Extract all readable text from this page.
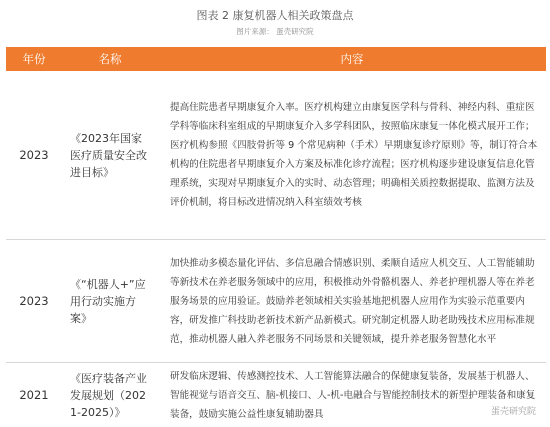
图表 2 康复机器人相关政策盘点
图片来源： 蛋壳研究院
年份	名称	内容
2023	《2023年国家医疗质量安全改进目标》	提高住院患者早期康复介入率。医疗机构建立由康复医学科与骨科、神经内科、重症医学科等临床科室组成的早期康复介入多学科团队，按照临床康复一体化模式展开工作；医疗机构参照《四肢骨折等 9 个常见病种（手术）早期康复诊疗原则》等，制订符合本机构的住院患者早期康复介入方案及标准化诊疗流程；医疗机构逐步建设康复信息化管理系统，实现对早期康复介入的实时、动态管理；明确相关质控数据提取、监测方法及评价机制，将目标改进情况纳入科室绩效考核
2023	《“机器人+”应用行动实施方案》	加快推动多模态量化评估、多信息融合情感识别、柔顺自适应人机交互、人工智能辅助等新技术在养老服务领域中的应用，积极推动外骨骼机器人、养老护理机器人等在养老服务场景的应用验证。鼓励养老领域相关实验基地把机器人应用作为实验示范重要内容，研发推广科技助老新技术新产品新模式。研究制定机器人助老助残技术应用标准规范，推动机器人融入养老服务不同场景和关键领域，提升养老服务智慧化水平
2021	《医疗装备产业发展规划（2021-2025）》	研发临床逻辑、传感测控技术、人工智能算法融合的保健康复装备，发展基于机器人、智能视觉与语音交互、脑-机接口、人-机-电融合与智能控制技术的新型护理装备和康复装备，鼓励实施公益性康复辅助器具	蛋壳研究院
